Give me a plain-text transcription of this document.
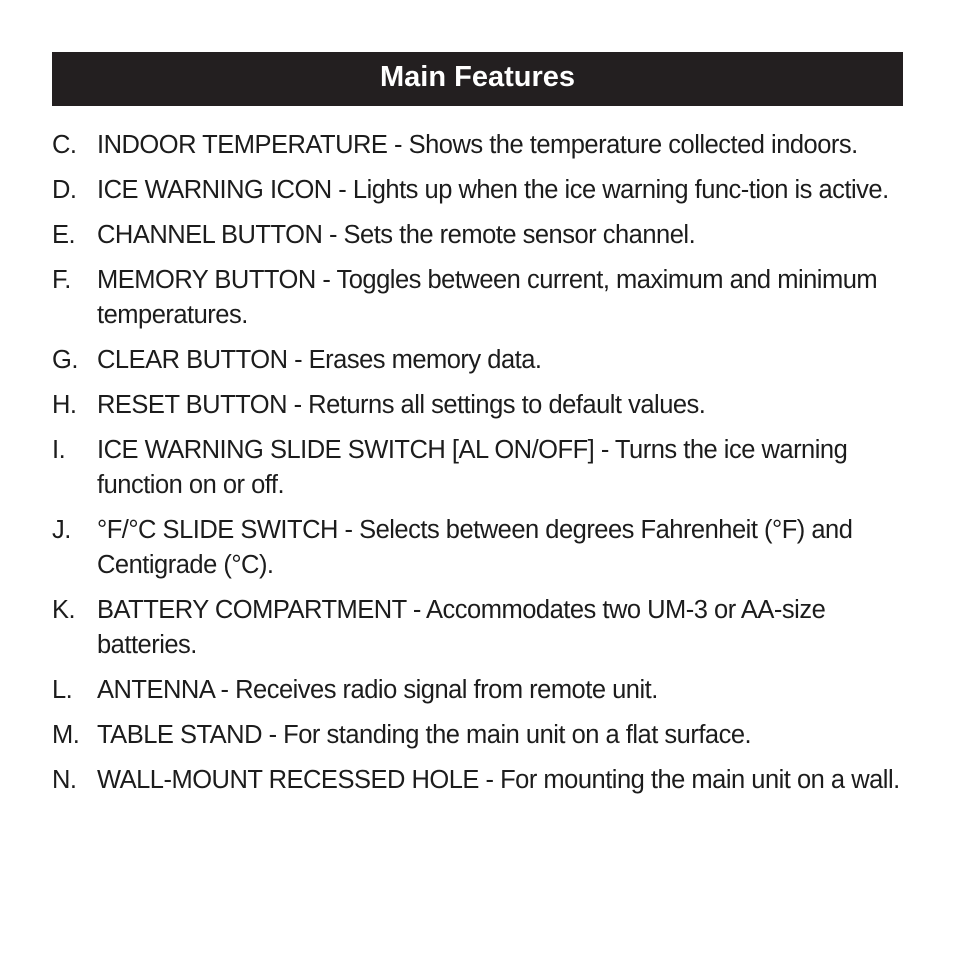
Main Features
C. INDOOR TEMPERATURE - Shows the temperature collected indoors.
D. ICE WARNING ICON - Lights up when the ice warning func-tion is active.
E. CHANNEL BUTTON - Sets the remote sensor channel.
F.	MEMORY BUTTON - Toggles between current, maximum and minimum temperatures.
G. CLEAR BUTTON - Erases memory data.
H. RESET BUTTON - Returns all settings to default values.
I.	ICE WARNING SLIDE SWITCH [AL ON/OFF] - Turns the ice warning function on or off.
J.	°F/°C SLIDE SWITCH - Selects between degrees Fahrenheit (°F) and Centigrade (°C).
K. BATTERY COMPARTMENT - Accommodates two UM-3 or AA-size batteries.
L. ANTENNA - Receives radio signal from remote unit.
M. TABLE STAND - For standing the main unit on a flat surface.
N. WALL-MOUNT RECESSED HOLE - For mounting the main unit on a wall.
